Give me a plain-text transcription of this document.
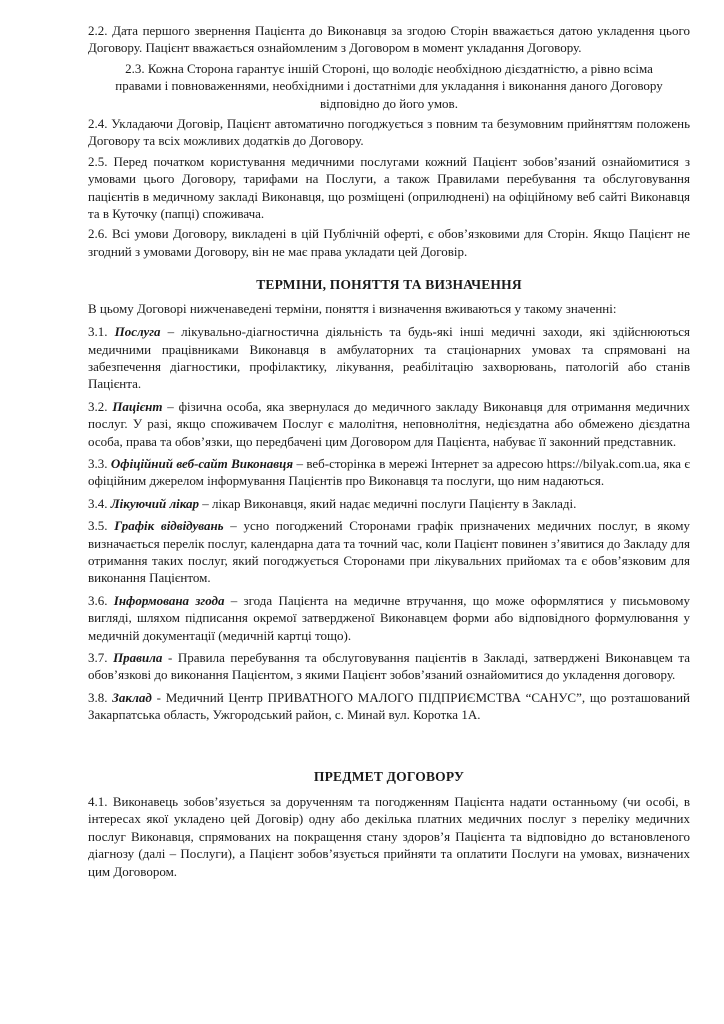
2.2. Дата першого звернення Пацієнта до Виконавця за згодою Сторін вважається датою укладення цього Договору. Пацієнт вважається ознайомленим з Договором в момент укладання Договору.

2.3. Кожна Сторона гарантує іншій Стороні, що володіє необхідною дієздатністю, а рівно всіма правами і повноваженнями, необхідними і достатніми для укладання і виконання даного Договору відповідно до його умов.

2.4. Укладаючи Договір, Пацієнт автоматично погоджується з повним та безумовним прийняттям положень Договору та всіх можливих додатків до Договору.

2.5. Перед початком користування медичними послугами кожний Пацієнт зобов’язаний ознайомитися з умовами цього Договору, тарифами на Послуги, а також Правилами перебування та обслуговування пацієнтів в медичному закладі Виконавця, що розміщені (оприлюднені) на офіційному веб сайті Виконавця та в Куточку (папці) споживача.

2.6. Всі умови Договору, викладені в цій Публічній оферті, є обов’язковими для Сторін. Якщо Пацієнт не згодний з умовами Договору, він не має права укладати цей Договір.

ТЕРМІНИ, ПОНЯТТЯ ТА ВИЗНАЧЕННЯ

В цьому Договорі нижченаведені терміни, поняття і визначення вживаються у такому значенні:

3.1. Послуга – лікувально-діагностична діяльність та будь-які інші медичні заходи, які здійснюються медичними працівниками Виконавця в амбулаторних та стаціонарних умовах та спрямовані на забезпечення діагностики, профілактику, лікування, реабілітацію захворювань, патологій або станів Пацієнта.

3.2. Пацієнт – фізична особа, яка звернулася до медичного закладу Виконавця для отримання медичних послуг. У разі, якщо споживачем Послуг є малолітня, неповнолітня, недієздатна або обмежено дієздатна особа, права та обов’язки, що передбачені цим Договором для Пацієнта, набуває її законний представник.

3.3. Офіційний веб-сайт Виконавця – веб-сторінка в мережі Інтернет за адресою https://bilyak.com.ua, яка є офіційним джерелом інформування Пацієнтів про Виконавця та послуги, що ним надаються.

3.4. Лікуючий лікар – лікар Виконавця, який надає медичні послуги Пацієнту в Закладі.

3.5. Графік відвідувань – усно погоджений Сторонами графік призначених медичних послуг, в якому визначається перелік послуг, календарна дата та точний час, коли Пацієнт повинен з’явитися до Закладу для отримання таких послуг, який погоджується Сторонами при лікувальних прийомах та є обов’язковим для виконання Пацієнтом.

3.6. Інформована згода – згода Пацієнта на медичне втручання, що може оформлятися у письмовому вигляді, шляхом підписання окремої затвердженої Виконавцем форми або відповідного формулювання у медичній документації (медичній картці тощо).

3.7. Правила - Правила перебування та обслуговування пацієнтів в Закладі, затверджені Виконавцем та обов’язкові до виконання Пацієнтом, з якими Пацієнт зобов’язаний ознайомитися до укладення договору.

3.8. Заклад - Медичний Центр ПРИВАТНОГО МАЛОГО ПІДПРИЄМСТВА “САНУС”, що розташований Закарпатська область, Ужгородський район, с. Минай вул. Коротка 1А.

ПРЕДМЕТ ДОГОВОРУ

4.1. Виконавець зобов’язується за дорученням та погодженням Пацієнта надати останньому (чи особі, в інтересах якої укладено цей Договір) одну або декілька платних медичних послуг з переліку медичних послуг Виконавця, спрямованих на покращення стану здоров’я Пацієнта та відповідно до встановленого діагнозу (далі – Послуги), а Пацієнт зобов’язується прийняти та оплатити Послуги на умовах, визначених цим Договором.
